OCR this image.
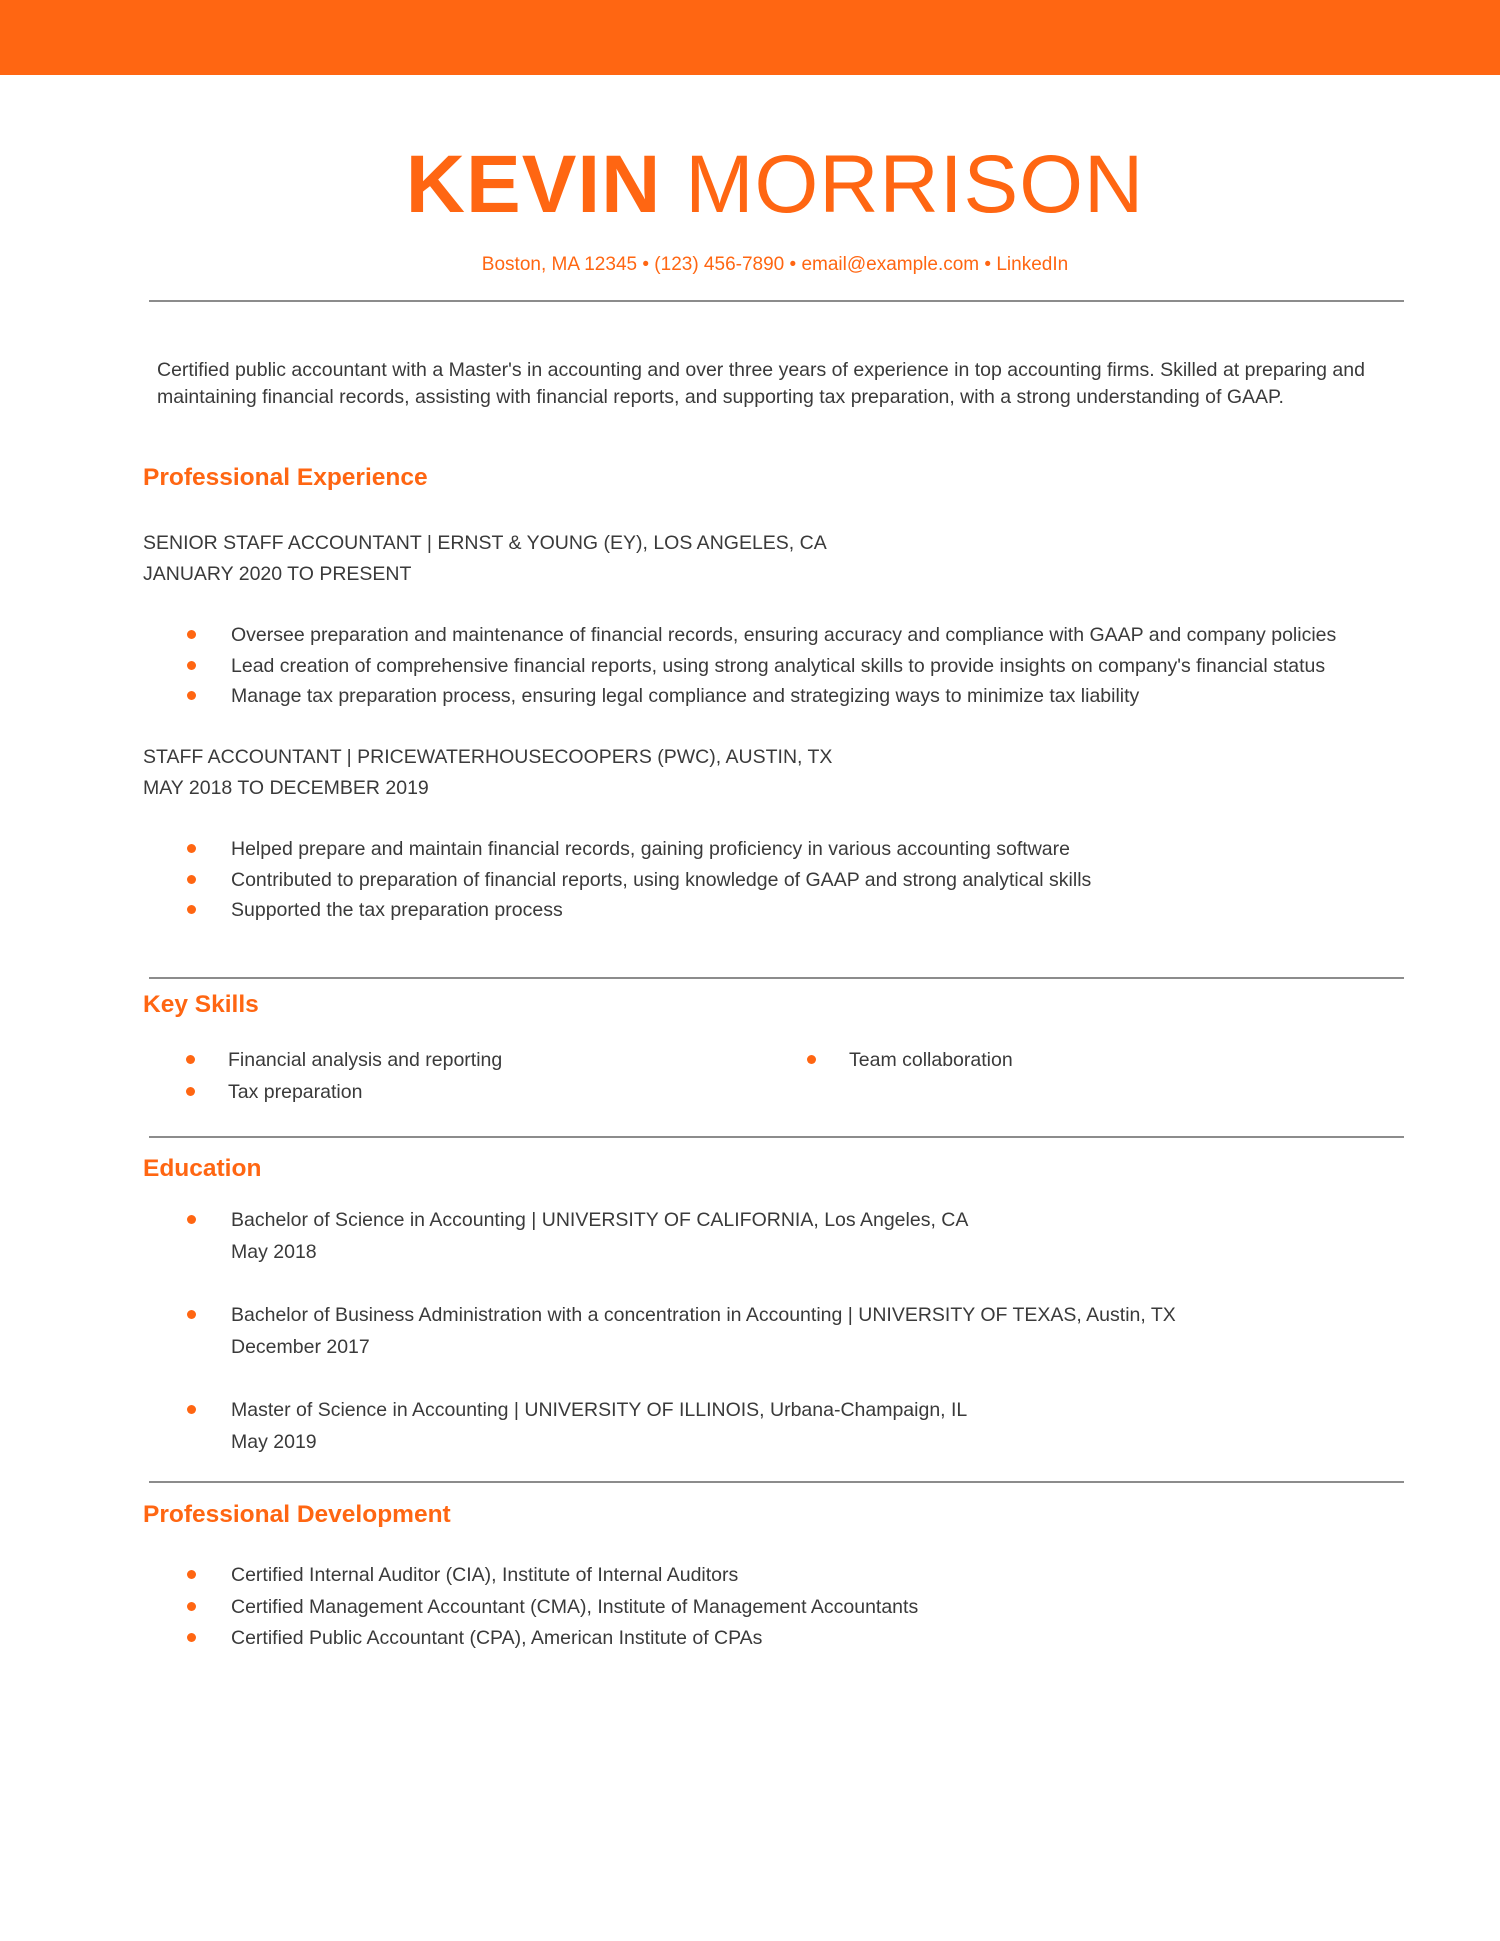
KEVIN MORRISON
Boston, MA 12345 • (123) 456-7890 • email@example.com • LinkedIn
Certified public accountant with a Master's in accounting and over three years of experience in top accounting firms. Skilled at preparing and maintaining financial records, assisting with financial reports, and supporting tax preparation, with a strong understanding of GAAP.
Professional Experience
SENIOR STAFF ACCOUNTANT | ERNST & YOUNG (EY), LOS ANGELES, CA
JANUARY 2020 TO PRESENT
Oversee preparation and maintenance of financial records, ensuring accuracy and compliance with GAAP and company policies
Lead creation of comprehensive financial reports, using strong analytical skills to provide insights on company's financial status
Manage tax preparation process, ensuring legal compliance and strategizing ways to minimize tax liability
STAFF ACCOUNTANT | PRICEWATERHOUSECOOPERS (PWC), AUSTIN, TX
MAY 2018 TO DECEMBER 2019
Helped prepare and maintain financial records, gaining proficiency in various accounting software
Contributed to preparation of financial reports, using knowledge of GAAP and strong analytical skills
Supported the tax preparation process
Key Skills
Financial analysis and reporting
Tax preparation
Team collaboration
Education
Bachelor of Science in Accounting | UNIVERSITY OF CALIFORNIA, Los Angeles, CA
May 2018
Bachelor of Business Administration with a concentration in Accounting | UNIVERSITY OF TEXAS, Austin, TX
December 2017
Master of Science in Accounting | UNIVERSITY OF ILLINOIS, Urbana-Champaign, IL
May 2019
Professional Development
Certified Internal Auditor (CIA), Institute of Internal Auditors
Certified Management Accountant (CMA), Institute of Management Accountants
Certified Public Accountant (CPA), American Institute of CPAs
